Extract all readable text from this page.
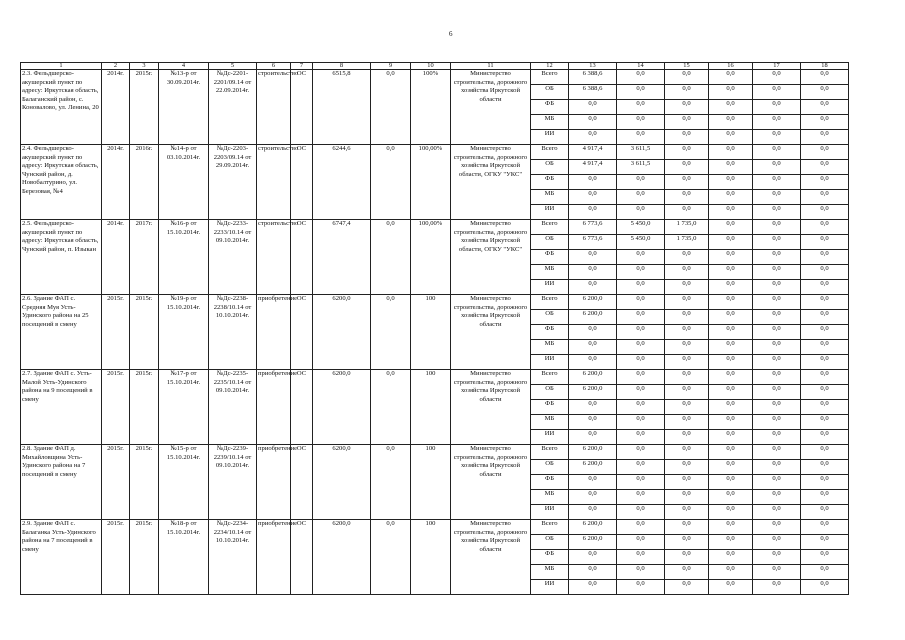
6
1	2	3	4	5	6	7	8	9	10	11	12	13	14	15	16	17	18
2.3. Фельдшерско-акушерский пункт по адресу: Иркутская область, Балаганский район, с. Коновалово, ул. Ленина, 20	2014г.	2015г.	№13-р от 30.09.2014г.	№Дс-2201-2201/09.14 от 22.09.2014г.	строительство	ОС	6515,8	0,0	100%	Министерство строительства, дорожного хозяйства Иркутской области	Всего	6 388,6	0,0	0,0	0,0	0,0	0,0
											ОБ	6 388,6	0,0	0,0	0,0	0,0	0,0
											ФБ	0,0	0,0	0,0	0,0	0,0	0,0
											МБ	0,0	0,0	0,0	0,0	0,0	0,0
											ИИ	0,0	0,0	0,0	0,0	0,0	0,0
2.4. Фельдшерско-акушерский пункт по адресу: Иркутская область, Чунский район, д. Новобалтурино, ул. Березовая, №4	2014г.	2016г.	№14-р от 03.10.2014г.	№Дс-2203-2203/09.14 от 29.09.2014г.	строительство	ОС	6244,6	0,0	100,00%	Министерство строительства, дорожного хозяйства Иркутской области, ОГКУ "УКС"	Всего	4 917,4	3 611,5	0,0	0,0	0,0	0,0
											ОБ	4 917,4	3 611,5	0,0	0,0	0,0	0,0
											ФБ	0,0	0,0	0,0	0,0	0,0	0,0
											МБ	0,0	0,0	0,0	0,0	0,0	0,0
											ИИ	0,0	0,0	0,0	0,0	0,0	0,0
2.5. Фельдшерско-акушерский пункт по адресу: Иркутская область, Чунский район, п. Изыкан	2014г.	2017г.	№16-р от 15.10.2014г.	№Дс-2233-2233/10.14 от 09.10.2014г.	строительство	ОС	6747,4	0,0	100,00%	Министерство строительства, дорожного хозяйства Иркутской области, ОГКУ "УКС"	Всего	6 773,6	5 450,0	1 735,0	0,0	0,0	0,0
											ОБ	6 773,6	5 450,0	1 735,0	0,0	0,0	0,0
											ФБ	0,0	0,0	0,0	0,0	0,0	0,0
											МБ	0,0	0,0	0,0	0,0	0,0	0,0
											ИИ	0,0	0,0	0,0	0,0	0,0	0,0
2.6. Здание ФАП с. Средняя Муя Усть-Удинского района на 25 посещений в смену	2015г.	2015г.	№19-р от 15.10.2014г.	№Дс-2238-2238/10.14 от 10.10.2014г.	приобретение	ОС	6200,0	0,0	100	Министерство строительства, дорожного хозяйства Иркутской области	Всего	6 200,0	0,0	0,0	0,0	0,0	0,0
											ОБ	6 200,0	0,0	0,0	0,0	0,0	0,0
											ФБ	0,0	0,0	0,0	0,0	0,0	0,0
											МБ	0,0	0,0	0,0	0,0	0,0	0,0
											ИИ	0,0	0,0	0,0	0,0	0,0	0,0
2.7. Здание ФАП с. Усть-Малой Усть-Удинского района на 9 посещений в смену	2015г.	2015г.	№17-р от 15.10.2014г.	№Дс-2235-2235/10.14 от 09.10.2014г.	приобретение	ОС	6200,0	0,0	100	Министерство строительства, дорожного хозяйства Иркутской области	Всего	6 200,0	0,0	0,0	0,0	0,0	0,0
											ОБ	6 200,0	0,0	0,0	0,0	0,0	0,0
											ФБ	0,0	0,0	0,0	0,0	0,0	0,0
											МБ	0,0	0,0	0,0	0,0	0,0	0,0
											ИИ	0,0	0,0	0,0	0,0	0,0	0,0
2.8. Здание ФАП д. Михайловщина Усть-Удинского района на 7 посещений в смену	2015г.	2015г.	№15-р от 15.10.2014г.	№Дс-2239-2239/10.14 от 09.10.2014г.	приобретение	ОС	6200,0	0,0	100	Министерство строительства, дорожного хозяйства Иркутской области	Всего	6 200,0	0,0	0,0	0,0	0,0	0,0
											ОБ	6 200,0	0,0	0,0	0,0	0,0	0,0
											ФБ	0,0	0,0	0,0	0,0	0,0	0,0
											МБ	0,0	0,0	0,0	0,0	0,0	0,0
											ИИ	0,0	0,0	0,0	0,0	0,0	0,0
2.9. Здание ФАП с. Балаганка Усть-Удинского района на 7 посещений в смену	2015г.	2015г.	№18-р от 15.10.2014г.	№Дс-2234-2234/10.14 от 10.10.2014г.	приобретение	ОС	6200,0	0,0	100	Министерство строительства, дорожного хозяйства Иркутской области	Всего	6 200,0	0,0	0,0	0,0	0,0	0,0
											ОБ	6 200,0	0,0	0,0	0,0	0,0	0,0
											ФБ	0,0	0,0	0,0	0,0	0,0	0,0
											МБ	0,0	0,0	0,0	0,0	0,0	0,0
											ИИ	0,0	0,0	0,0	0,0	0,0	0,0
